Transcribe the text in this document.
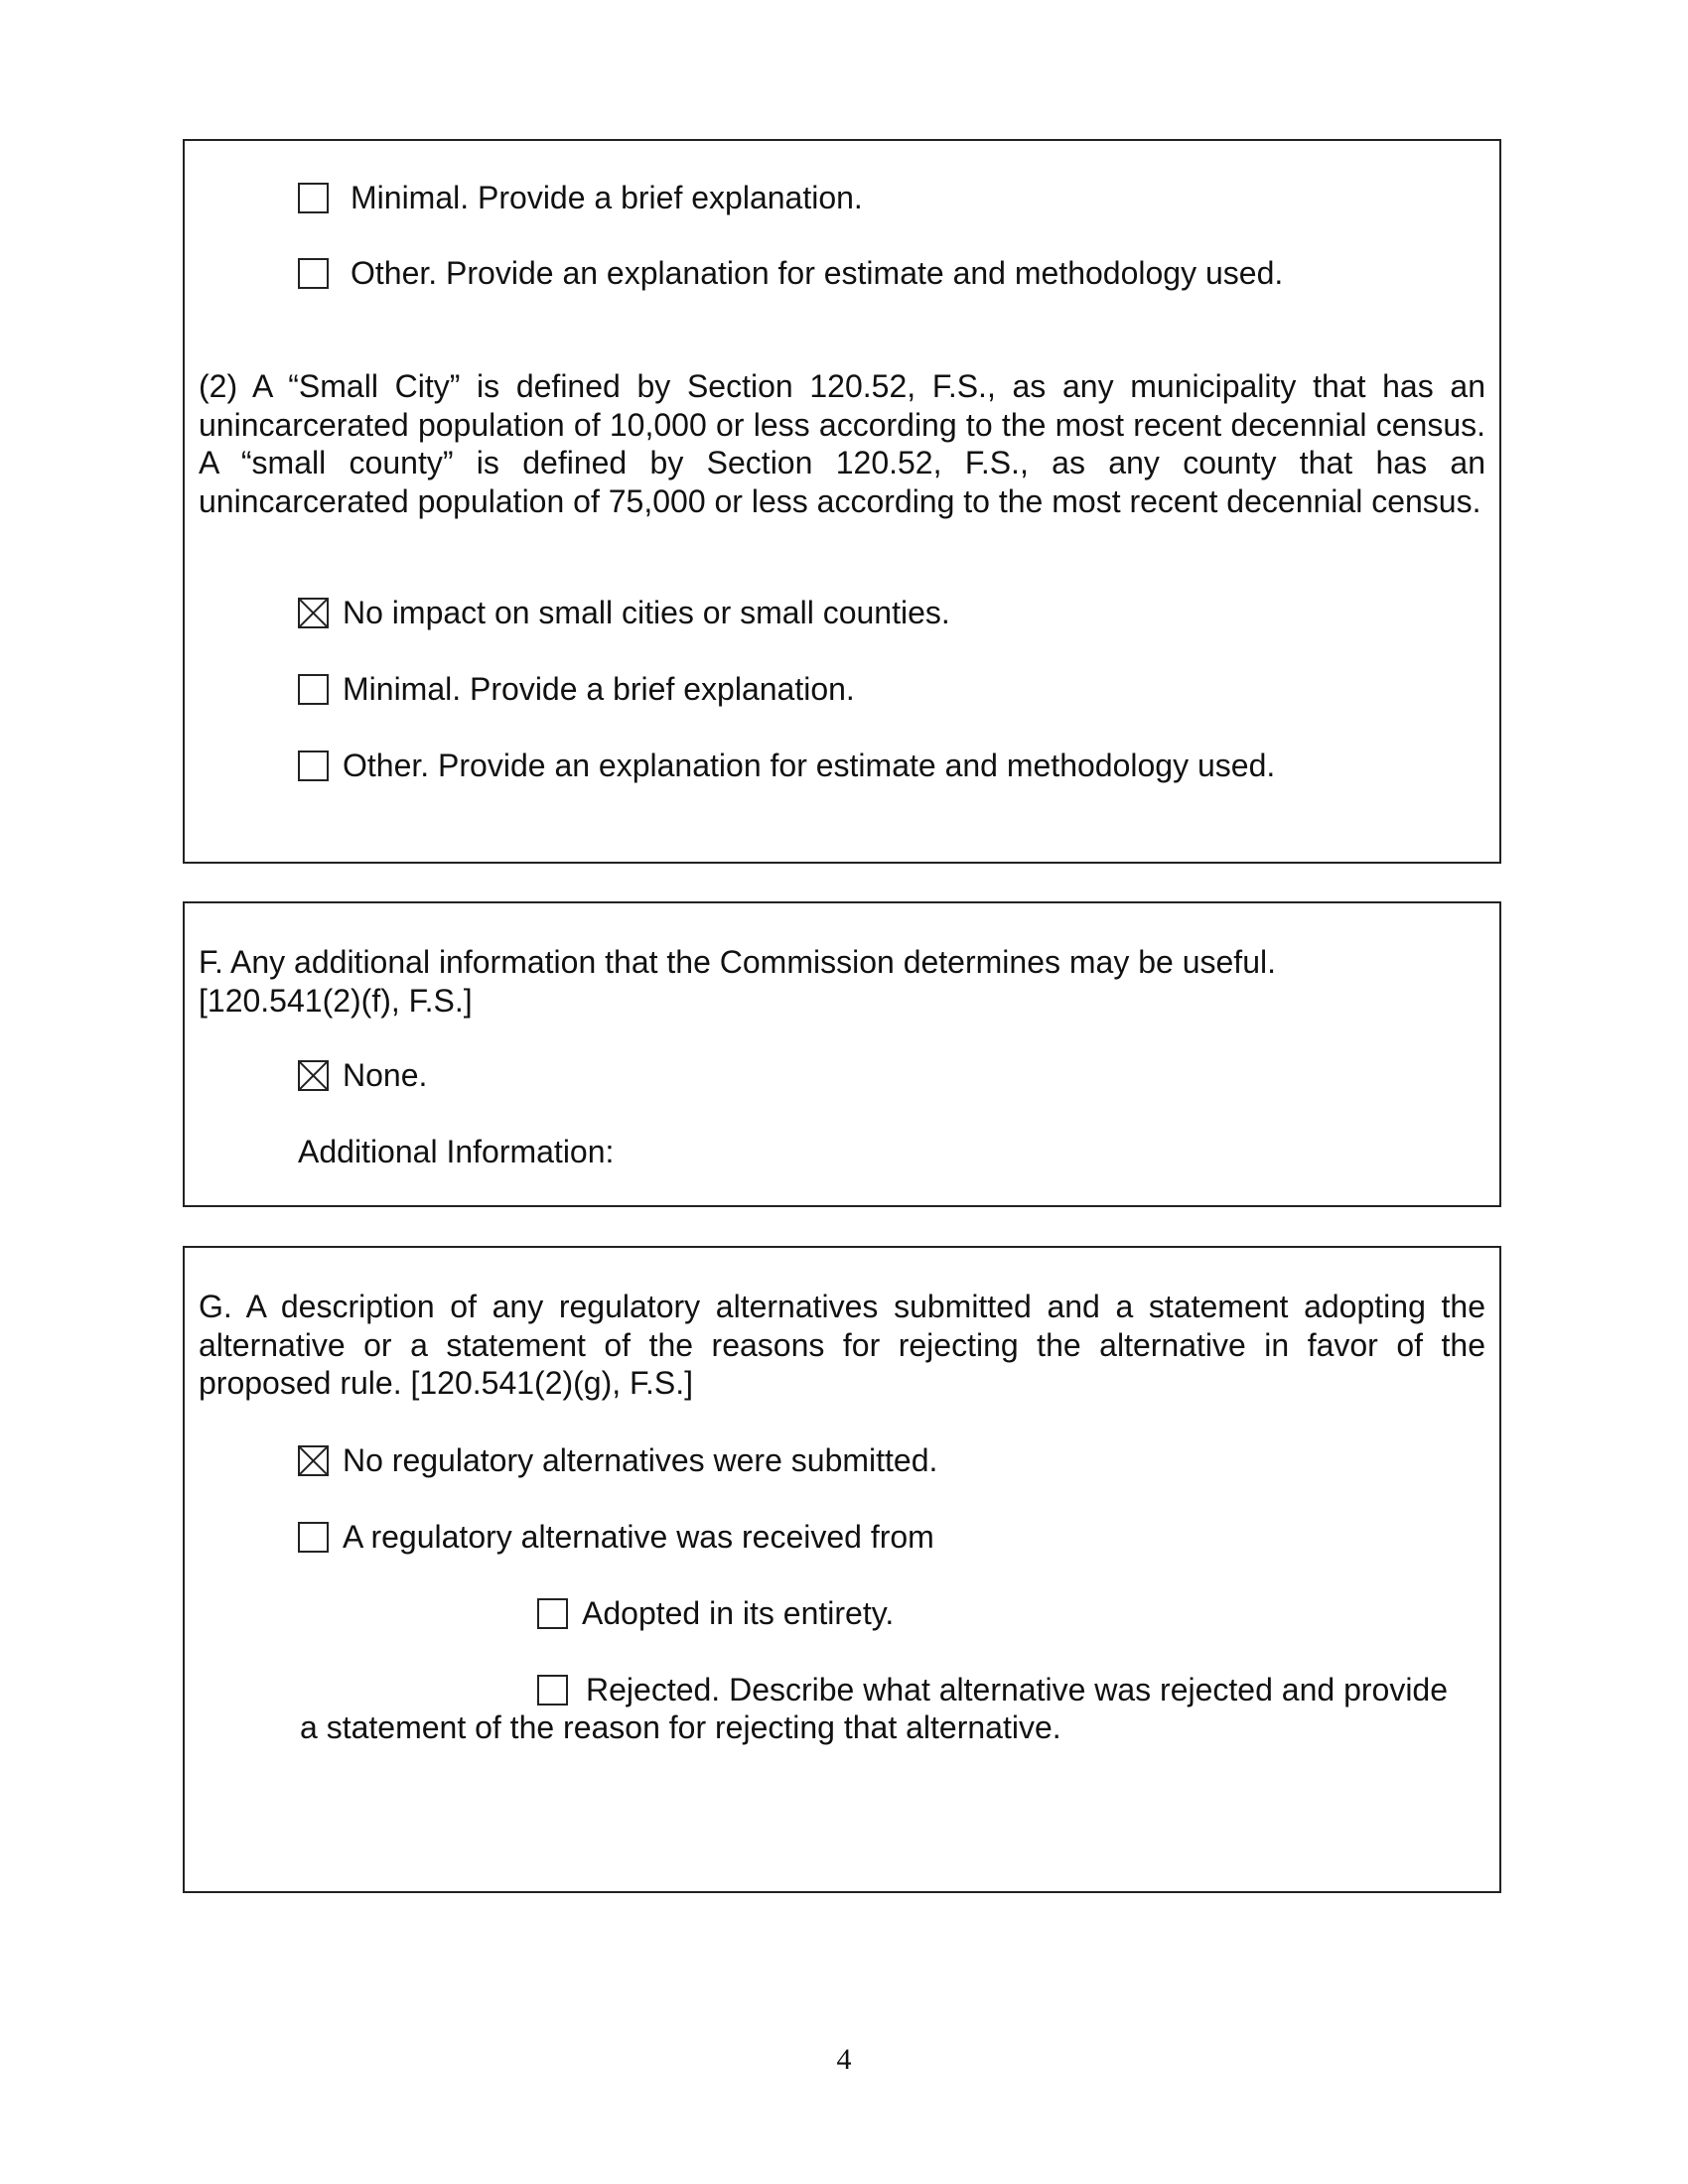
Minimal. Provide a brief explanation.
Other. Provide an explanation for estimate and methodology used.
(2) A “Small City” is defined by Section 120.52, F.S., as any municipality that has an unincarcerated population of 10,000 or less according to the most recent decennial census. A “small county” is defined by Section 120.52, F.S., as any county that has an unincarcerated population of 75,000 or less according to the most recent decennial census.
No impact on small cities or small counties.
Minimal. Provide a brief explanation.
Other. Provide an explanation for estimate and methodology used.
F. Any additional information that the Commission determines may be useful.
[120.541(2)(f), F.S.]
None.
Additional Information:
G. A description of any regulatory alternatives submitted and a statement adopting the alternative or a statement of the reasons for rejecting the alternative in favor of the proposed rule. [120.541(2)(g), F.S.]
No regulatory alternatives were submitted.
A regulatory alternative was received from
Adopted in its entirety.
Rejected. Describe what alternative was rejected and provide
a statement of the reason for rejecting that alternative.
4
